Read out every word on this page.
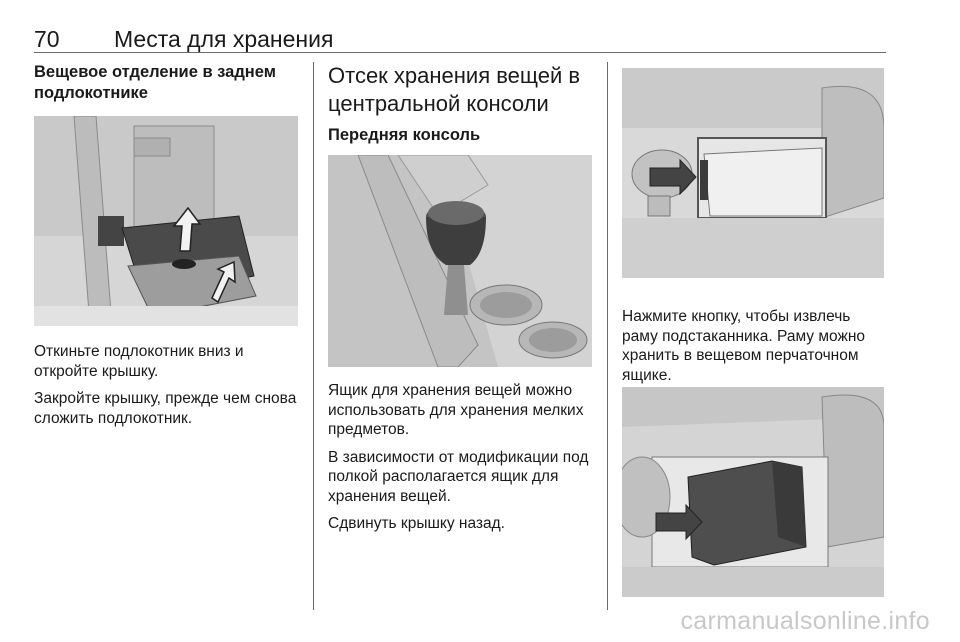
70 Места для хранения

Вещевое отделение в заднем подлокотнике

Откиньте подлокотник вниз и откройте крышку.

Закройте крышку, прежде чем снова сложить подлокотник.

Отсек хранения вещей в центральной консоли

Передняя консоль

Ящик для хранения вещей можно использовать для хранения мелких предметов.

В зависимости от модификации под полкой располагается ящик для хранения вещей.

Сдвинуть крышку назад.

Нажмите кнопку, чтобы извлечь раму подстаканника. Раму можно хранить в вещевом перчаточном ящике.

carmanualsonline.info
